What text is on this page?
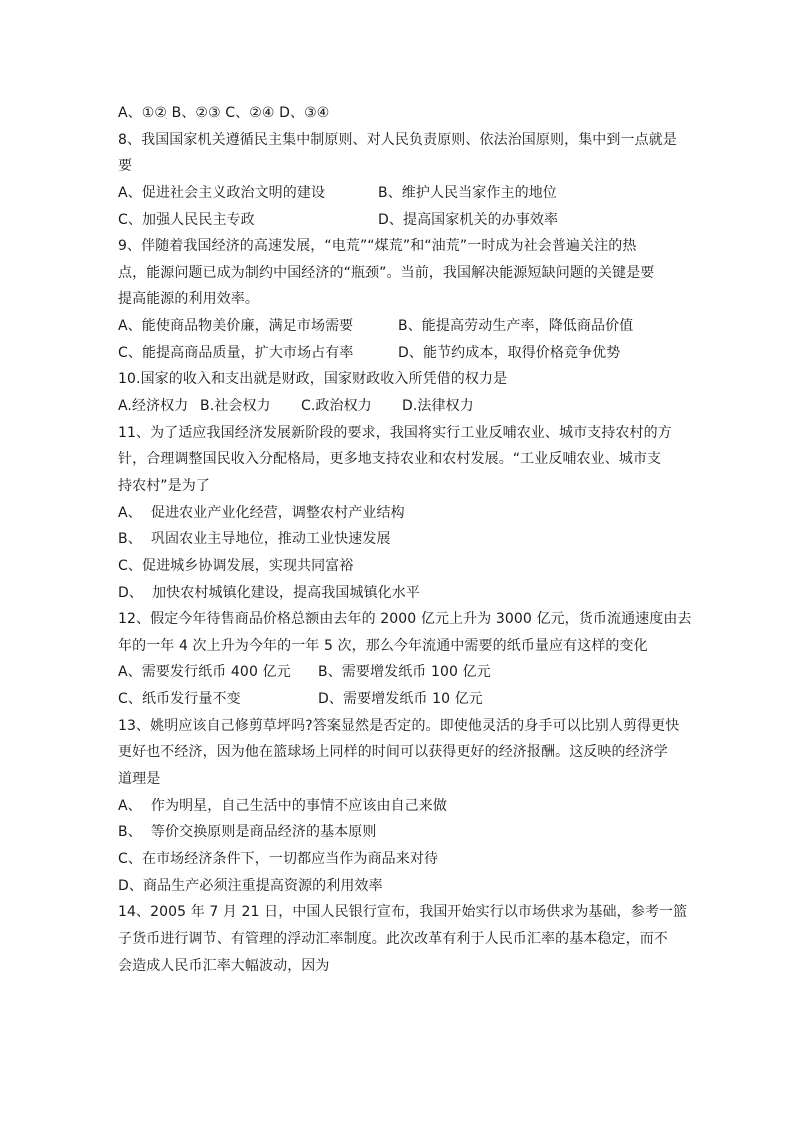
A、①② B、②③ C、②④ D、③④
8、我国国家机关遵循民主集中制原则、对人民负责原则、依法治国原则，集中到一点就是
要
A、促进社会主义政治文明的建设	B、维护人民当家作主的地位
C、加强人民民主专政	D、提高国家机关的办事效率
9、伴随着我国经济的高速发展，“电荒”“煤荒”和“油荒”一时成为社会普遍关注的热
点，能源问题已成为制约中国经济的“瓶颈”。当前，我国解决能源短缺问题的关键是要
提高能源的利用效率。
A、能使商品物美价廉，满足市场需要	B、能提高劳动生产率，降低商品价值
C、能提高商品质量，扩大市场占有率	D、能节约成本，取得价格竞争优势
10.国家的收入和支出就是财政，国家财政收入所凭借的权力是
A.经济权力 B.社会权力	C.政治权力	D.法律权力
11、为了适应我国经济发展新阶段的要求，我国将实行工业反哺农业、城市支持农村的方
针，合理调整国民收入分配格局，更多地支持农业和农村发展。“工业反哺农业、城市支
持农村”是为了
A、  促进农业产业化经营，调整农村产业结构
B、  巩固农业主导地位，推动工业快速发展
C、促进城乡协调发展，实现共同富裕
D、  加快农村城镇化建设，提高我国城镇化水平
12、假定今年待售商品价格总额由去年的 2000 亿元上升为 3000 亿元，货币流通速度由去
年的一年 4 次上升为今年的一年 5 次，那么今年流通中需要的纸币量应有这样的变化
A、需要发行纸币 400 亿元	B、需要增发纸币 100 亿元
C、纸币发行量不变	D、需要增发纸币 10 亿元
13、姚明应该自己修剪草坪吗?答案显然是否定的。即使他灵活的身手可以比别人剪得更快
更好也不经济，因为他在篮球场上同样的时间可以获得更好的经济报酬。这反映的经济学
道理是
A、  作为明星，自己生活中的事情不应该由自己来做
B、  等价交换原则是商品经济的基本原则
C、在市场经济条件下，一切都应当作为商品来对待
D、商品生产必须注重提高资源的利用效率
14、2005 年 7 月 21 日，中国人民银行宣布，我国开始实行以市场供求为基础，参考一篮
子货币进行调节、有管理的浮动汇率制度。此次改革有利于人民币汇率的基本稳定，而不
会造成人民币汇率大幅波动，因为
